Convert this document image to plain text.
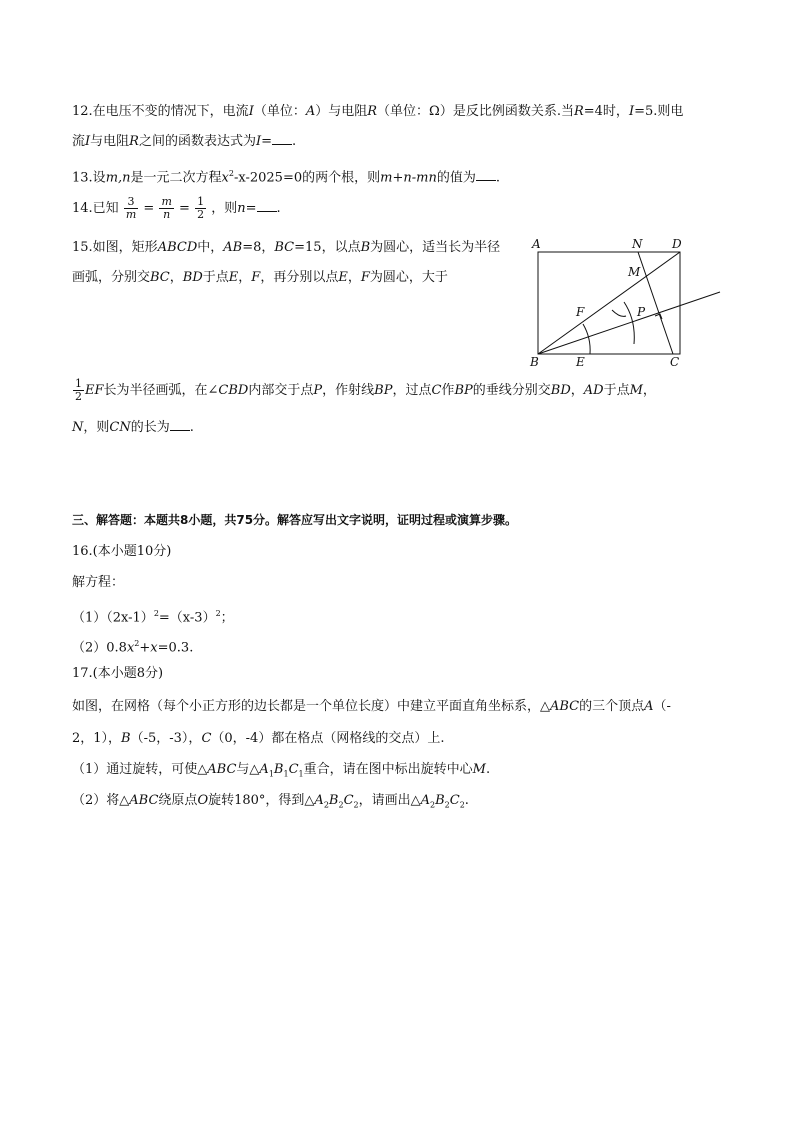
12.在电压不变的情况下，电流I（单位：A）与电阻R（单位：Ω）是反比例函数关系.当R=4时，I=5.则电
流I与电阻R之间的函数表达式为I= .
13.设m,n是一元二次方程$x^2-x-2025=0$的两个根，则m+n-mn的值为 .
14.已知 $\frac{3}{m} = \frac{m}{n} = \frac{1}{2}$ ，则n= .
15.如图，矩形ABCD中，AB=8，BC=15，以点B为圆心，适当长为半径
画弧，分别交BC，BD于点E，F，再分别以点E，F为圆心，大于
$\frac{1}{2}$ EF长为半径画弧，在∠CBD内部交于点P，作射线BP，过点C作BP的垂线分别交BD，AD于点M，
N，则CN的长为 .
A	N D
M
F	P
B	E	C
三、解答题：本题共8小题，共75分。解答应写出文字说明，证明过程或演算步骤。
16.(本小题10分)
解方程：
$(1)(2x-1)^2=(x-3)^2$；
$(2)0.8x^2+x=0.3$.
17.(本小题8分)
如图，在网格（每个小正方形的边长都是一个单位长度）中建立平面直角坐标系，△ABC的三个顶点A（-
2，1），B（-5，-3），C（0，-4）都在格点（网格线的交点）上.
（1）通过旋转，可使△ABC与$\triangle A_1B_1C_1$重合，请在图中标出旋转中心M.
（2）将△ABC绕原点O旋转180°，得到$\triangle A_2B_2C_2$，请画出$\triangle A_2B_2C_2$.
